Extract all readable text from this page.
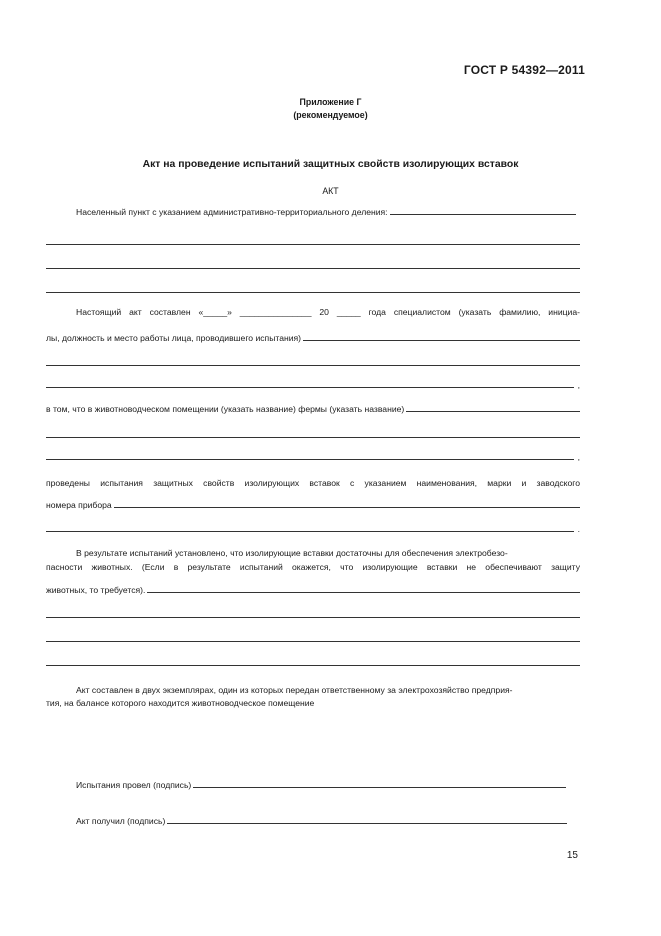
ГОСТ Р 54392—2011
Приложение Г
(рекомендуемое)
Акт на проведение испытаний защитных свойств изолирующих вставок
АКТ
Населенный пункт с указанием административно-территориального деления:
Настоящий акт составлен «_____» _______________ 20 _____ года специалистом (указать фамилию, инициа-
лы, должность и место работы лица, проводившего испытания)
,
в том, что в животноводческом помещении (указать название) фермы (указать название)
,
проведены испытания защитных свойств изолирующих вставок с указанием наименования, марки и заводского
номера прибора
.
В результате испытаний установлено, что изолирующие вставки достаточны для обеспечения электробезо-
пасности животных. (Если в результате испытаний окажется, что изолирующие вставки не обеспечивают защиту
животных, то требуется).
Акт составлен в двух экземплярах, один из которых передан ответственному за электрохозяйство предприя-
тия, на балансе которого находится животноводческое помещение
Испытания провел (подпись)
Акт получил (подпись)
15
